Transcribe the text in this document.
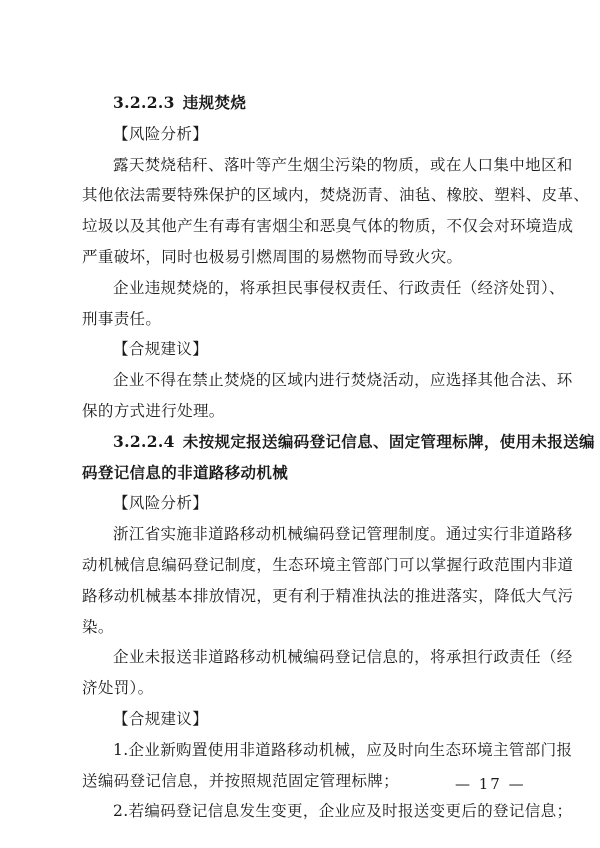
3.2.2.3 违规焚烧
【风险分析】
露天焚烧秸秆、落叶等产生烟尘污染的物质，或在人口集中地区和
其他依法需要特殊保护的区域内，焚烧沥青、油毡、橡胶、塑料、皮革、
垃圾以及其他产生有毒有害烟尘和恶臭气体的物质，不仅会对环境造成
严重破坏，同时也极易引燃周围的易燃物而导致火灾。
企业违规焚烧的，将承担民事侵权责任、行政责任（经济处罚）、
刑事责任。
【合规建议】
企业不得在禁止焚烧的区域内进行焚烧活动，应选择其他合法、环
保的方式进行处理。
3.2.2.4 未按规定报送编码登记信息、固定管理标牌，使用未报送编
码登记信息的非道路移动机械
【风险分析】
浙江省实施非道路移动机械编码登记管理制度。通过实行非道路移
动机械信息编码登记制度，生态环境主管部门可以掌握行政范围内非道
路移动机械基本排放情况，更有利于精准执法的推进落实，降低大气污
染。
企业未报送非道路移动机械编码登记信息的，将承担行政责任（经
济处罚）。
【合规建议】
1.企业新购置使用非道路移动机械，应及时向生态环境主管部门报
送编码登记信息，并按照规范固定管理标牌；
2.若编码登记信息发生变更，企业应及时报送变更后的登记信息；
— 17 —
